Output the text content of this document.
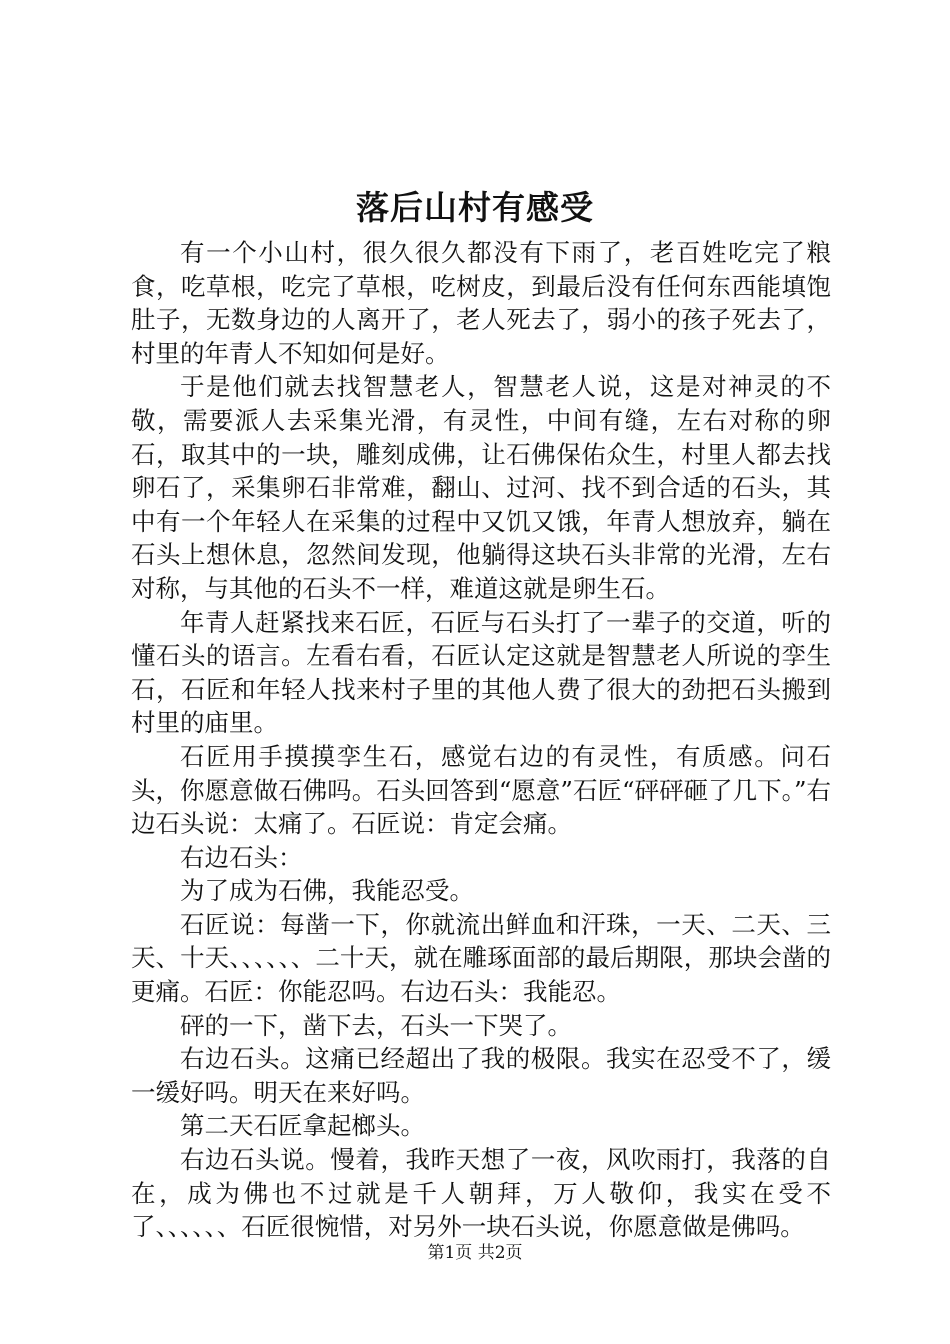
落后山村有感受

有一个小山村，很久很久都没有下雨了，老百姓吃完了粮食，吃草根，吃完了草根，吃树皮，到最后没有任何东西能填饱肚子，无数身边的人离开了，老人死去了，弱小的孩子死去了，村里的年青人不知如何是好。

于是他们就去找智慧老人，智慧老人说，这是对神灵的不敬，需要派人去采集光滑，有灵性，中间有缝，左右对称的卵石，取其中的一块，雕刻成佛，让石佛保佑众生，村里人都去找卵石了，采集卵石非常难，翻山、过河、找不到合适的石头，其中有一个年轻人在采集的过程中又饥又饿，年青人想放弃，躺在石头上想休息，忽然间发现，他躺得这块石头非常的光滑，左右对称，与其他的石头不一样，难道这就是卵生石。

年青人赶紧找来石匠，石匠与石头打了一辈子的交道，听的懂石头的语言。左看右看，石匠认定这就是智慧老人所说的孪生石，石匠和年轻人找来村子里的其他人费了很大的劲把石头搬到村里的庙里。

石匠用手摸摸孪生石，感觉右边的有灵性，有质感。问石头，你愿意做石佛吗。石头回答到“愿意”石匠“砰砰砸了几下。”右边石头说：太痛了。石匠说：肯定会痛。

右边石头：

为了成为石佛，我能忍受。

石匠说：每凿一下，你就流出鲜血和汗珠，一天、二天、三天、十天、、、、、、二十天，就在雕琢面部的最后期限，那块会凿的更痛。石匠：你能忍吗。右边石头：我能忍。

砰的一下，凿下去，石头一下哭了。

右边石头。这痛已经超出了我的极限。我实在忍受不了，缓一缓好吗。明天在来好吗。

第二天石匠拿起榔头。

右边石头说。慢着，我昨天想了一夜，风吹雨打，我落的自在，成为佛也不过就是千人朝拜，万人敬仰，我实在受不了、、、、、、石匠很惋惜，对另外一块石头说，你愿意做是佛吗。

第1页 共2页
